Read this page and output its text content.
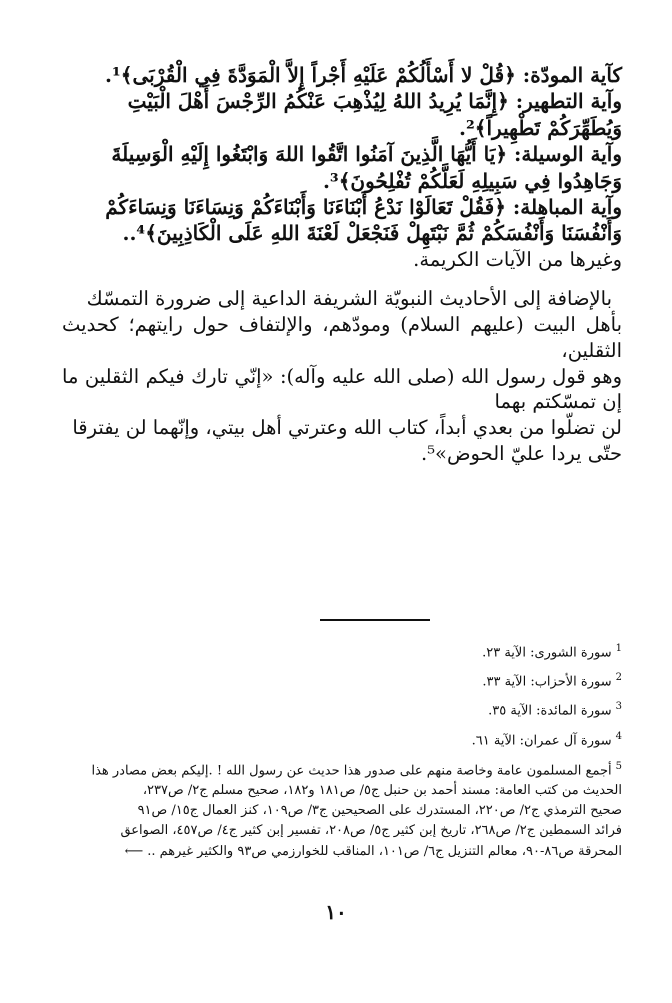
كآية المودّة: ﴿قُلْ لا أَسْأَلُكُمْ عَلَيْهِ أَجْراً إِلاَّ الْمَوَدَّةَ فِي الْقُرْبَى﴾¹.

وآية التطهير: ﴿إِنَّمَا يُرِيدُ اللهُ لِيُذْهِبَ عَنْكُمُ الرِّجْسَ أَهْلَ الْبَيْتِ

وَيُطَهِّرَكُمْ تَطْهِيراً﴾².

وآية الوسيلة: ﴿يَا أَيُّهَا الَّذِينَ آمَنُوا اتَّقُوا اللهَ وَابْتَغُوا إِلَيْهِ الْوَسِيلَةَ

وَجَاهِدُوا فِي سَبِيلِهِ لَعَلَّكُمْ تُفْلِحُونَ﴾³.

وآية المباهلة: ﴿فَقُلْ تَعَالَوْا نَدْعُ أَبْنَاءَنَا وَأَبْنَاءَكُمْ وَنِسَاءَنَا وَنِسَاءَكُمْ

وَأَنْفُسَنَا وَأَنْفُسَكُمْ ثُمَّ نَبْتَهِلْ فَنَجْعَلْ لَعْنَةَ اللهِ عَلَى الْكَاذِبِينَ﴾⁴..

وغيرها من الآيات الكريمة.

بالإضافة إلى الأحاديث النبويّة الشريفة الداعية إلى ضرورة التمسّك

بأهل البيت (عليهم السلام) ومودّهم، والإلتفاف حول رايتهم؛ كحديث الثقلين،

وهو قول رسول الله (صلى الله عليه وآله): «إنّي تارك فيكم الثقلين ما إن تمسّكتم بهما

لن تضلّوا من بعدي أبداً، كتاب الله وعترتي أهل بيتي، وإنّهما لن يفترقا

حتّى يردا عليّ الحوض»⁵.

$^1$سورة الشورى: الآية ٢٣.

$^2$سورة الأحزاب: الآية ٣٣.

$^3$سورة المائدة: الآية ٣٥.

$^4$سورة آل عمران: الآية ٦١.

$^5$أجمع المسلمون عامة وخاصة منهم على صدور هذا حديث عن رسول الله ! .إليكم بعض مصادر هذا

الحديث من كتب العامة: مسند أحمد بن حنبل ج٥/ ص١٨١ و١٨٢، صحيح مسلم ج٢/ ص٢٣٧،

صحيح الترمذي ج٢/ ص٢٢٠، المستدرك على الصحيحين ج٣/ ص١٠٩، كنز العمال ج١٥/ ص٩١

فرائد السمطين ج٢/ ص٢٦٨، تاريخ إبن كثير ج٥/ ص٢٠٨، تفسير إبن كثير ج٤/ ص٤٥٧، الصواعق

المحرقة ص٨٦-٩٠، معالم التنزيل ج٦/ ص١٠١، المناقب للخوارزمي ص٩٣ والكثير غيرهم ..⟵

١٠
